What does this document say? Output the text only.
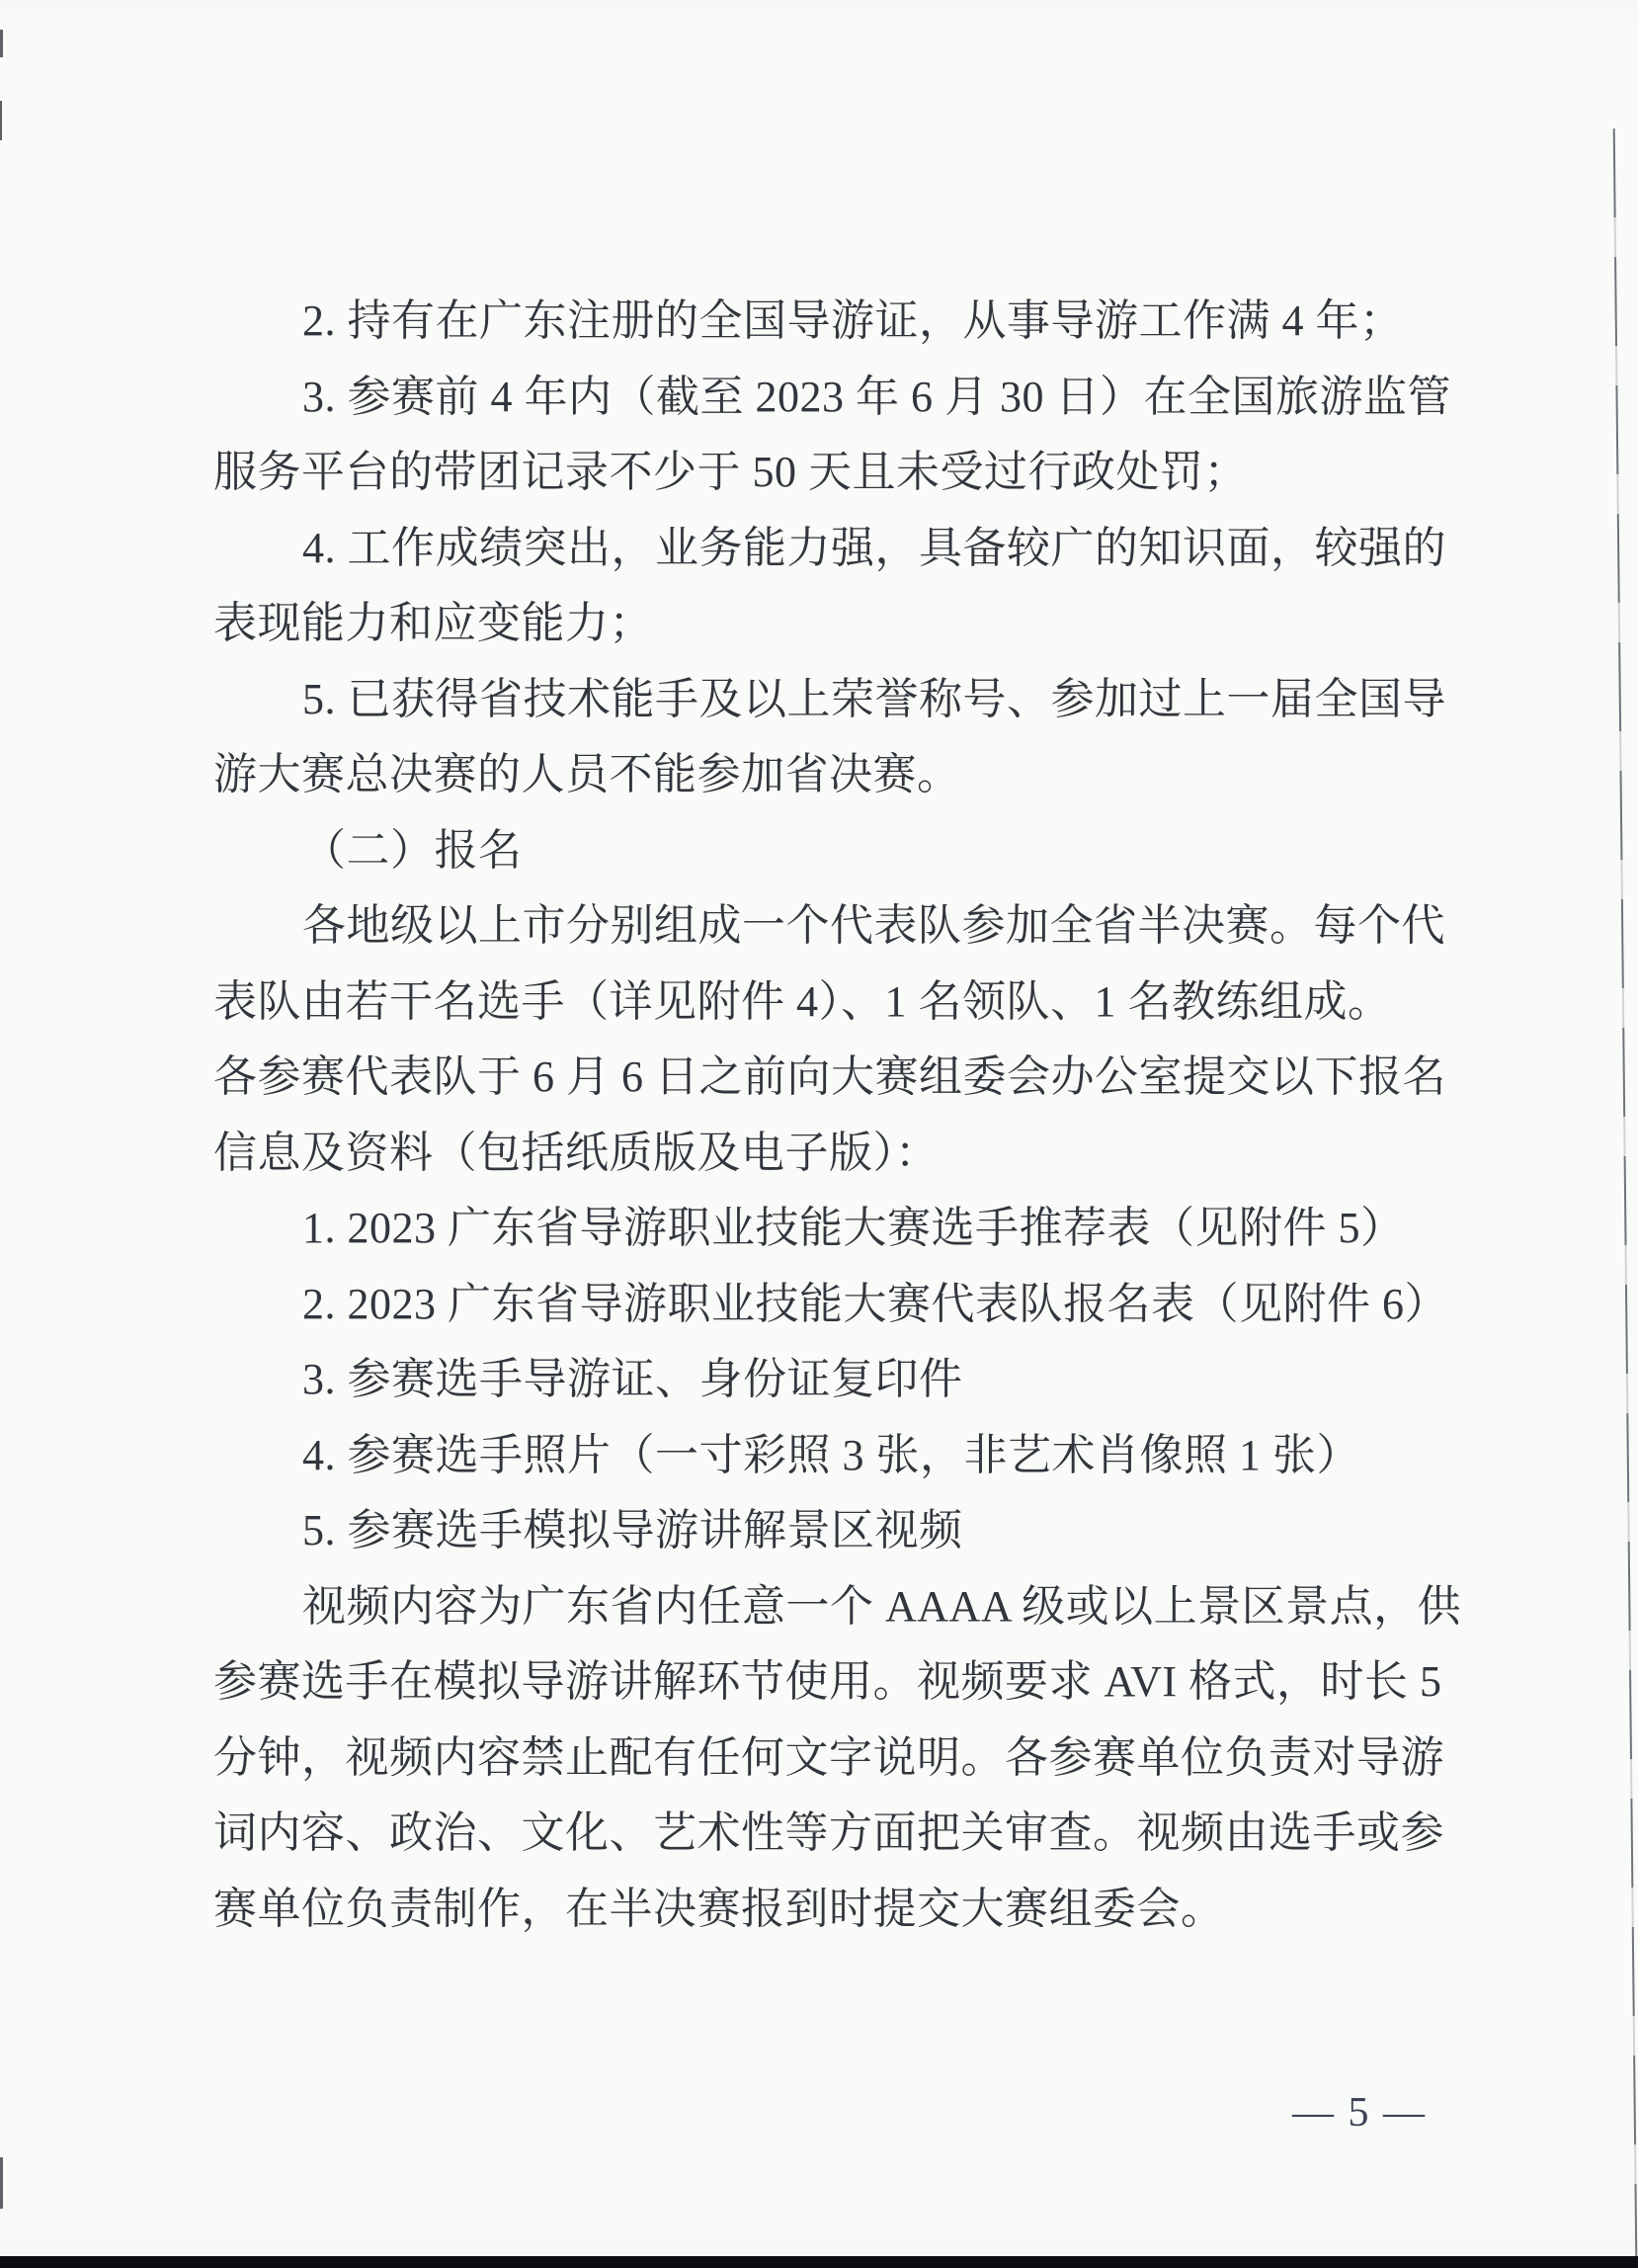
2. 持有在广东注册的全国导游证，从事导游工作满 4 年；
3. 参赛前 4 年内（截至 2023 年 6 月 30 日）在全国旅游监管
服务平台的带团记录不少于 50 天且未受过行政处罚；
4. 工作成绩突出，业务能力强，具备较广的知识面，较强的
表现能力和应变能力；
5. 已获得省技术能手及以上荣誉称号、参加过上一届全国导
游大赛总决赛的人员不能参加省决赛。
（二）报名
各地级以上市分别组成一个代表队参加全省半决赛。每个代
表队由若干名选手（详见附件 4）、1 名领队、1 名教练组成。
各参赛代表队于 6 月 6 日之前向大赛组委会办公室提交以下报名
信息及资料（包括纸质版及电子版）：
1. 2023 广东省导游职业技能大赛选手推荐表（见附件 5）
2. 2023 广东省导游职业技能大赛代表队报名表（见附件 6）
3. 参赛选手导游证、身份证复印件
4. 参赛选手照片（一寸彩照 3 张，非艺术肖像照 1 张）
5. 参赛选手模拟导游讲解景区视频
视频内容为广东省内任意一个 AAAA 级或以上景区景点，供
参赛选手在模拟导游讲解环节使用。视频要求 AVI 格式，时长 5
分钟，视频内容禁止配有任何文字说明。各参赛单位负责对导游
词内容、政治、文化、艺术性等方面把关审查。视频由选手或参
赛单位负责制作，在半决赛报到时提交大赛组委会。
— 5 —
